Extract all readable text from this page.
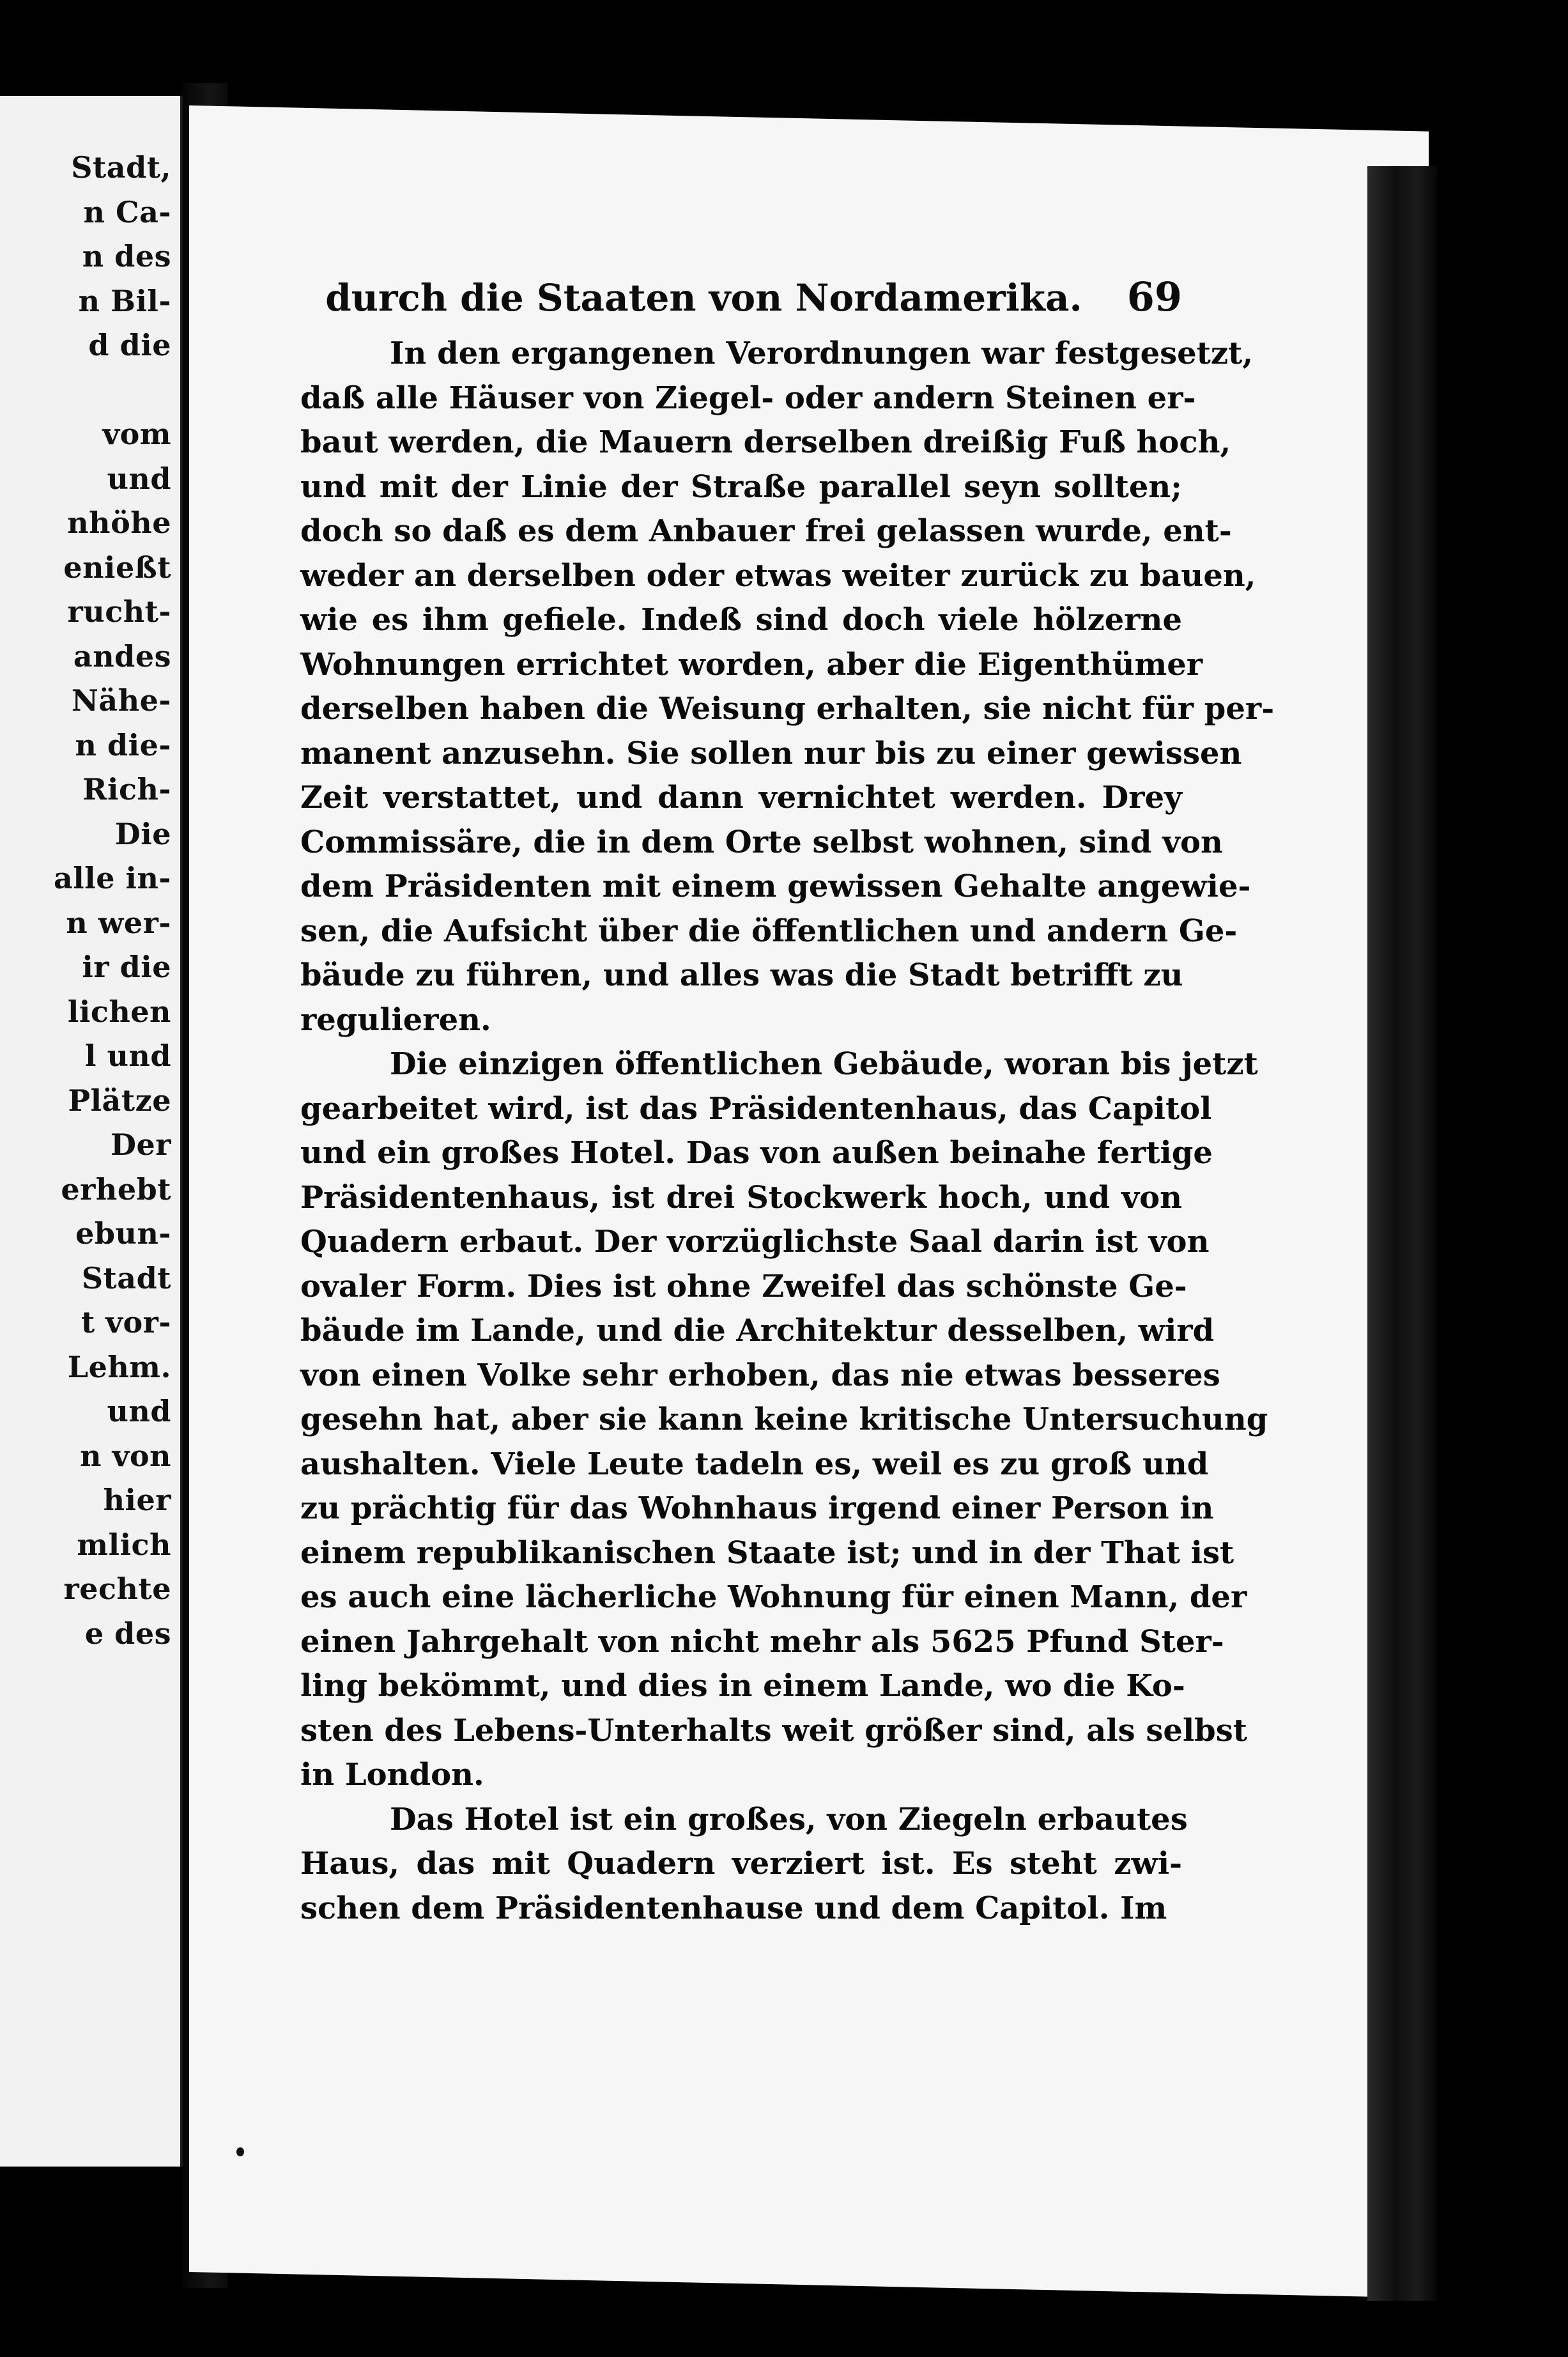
Stadt,
n Ca-
n des
n Bil-
d die
vom
und
nhöhe
enießt
rucht-
andes
Nähe-
n die-
Rich-
Die
alle in-
n wer-
ir die
lichen
l und
Plätze
Der
erhebt
ebun-
Stadt
t vor-
Lehm.
und
n von
hier
mlich
rechte
e des
durch die Staaten von Nordamerika. 69
In den ergangenen Verordnungen war festgesetzt,
daß alle Häuser von Ziegel- oder andern Steinen er-
baut werden, die Mauern derselben dreißig Fuß hoch,
und mit der Linie der Straße parallel seyn sollten;
doch so daß es dem Anbauer frei gelassen wurde, ent-
weder an derselben oder etwas weiter zurück zu bauen,
wie es ihm gefiele. Indeß sind doch viele hölzerne
Wohnungen errichtet worden, aber die Eigenthümer
derselben haben die Weisung erhalten, sie nicht für per-
manent anzusehn. Sie sollen nur bis zu einer gewissen
Zeit verstattet, und dann vernichtet werden. Drey
Commissäre, die in dem Orte selbst wohnen, sind von
dem Präsidenten mit einem gewissen Gehalte angewie-
sen, die Aufsicht über die öffentlichen und andern Ge-
bäude zu führen, und alles was die Stadt betrifft zu
regulieren.
Die einzigen öffentlichen Gebäude, woran bis jetzt
gearbeitet wird, ist das Präsidentenhaus, das Capitol
und ein großes Hotel. Das von außen beinahe fertige
Präsidentenhaus, ist drei Stockwerk hoch, und von
Quadern erbaut. Der vorzüglichste Saal darin ist von
ovaler Form. Dies ist ohne Zweifel das schönste Ge-
bäude im Lande, und die Architektur desselben, wird
von einen Volke sehr erhoben, das nie etwas besseres
gesehn hat, aber sie kann keine kritische Untersuchung
aushalten. Viele Leute tadeln es, weil es zu groß und
zu prächtig für das Wohnhaus irgend einer Person in
einem republikanischen Staate ist; und in der That ist
es auch eine lächerliche Wohnung für einen Mann, der
einen Jahrgehalt von nicht mehr als 5625 Pfund Ster-
ling bekömmt, und dies in einem Lande, wo die Ko-
sten des Lebens-Unterhalts weit größer sind, als selbst
in London.
Das Hotel ist ein großes, von Ziegeln erbautes
Haus, das mit Quadern verziert ist. Es steht zwi-
schen dem Präsidentenhause und dem Capitol. Im
